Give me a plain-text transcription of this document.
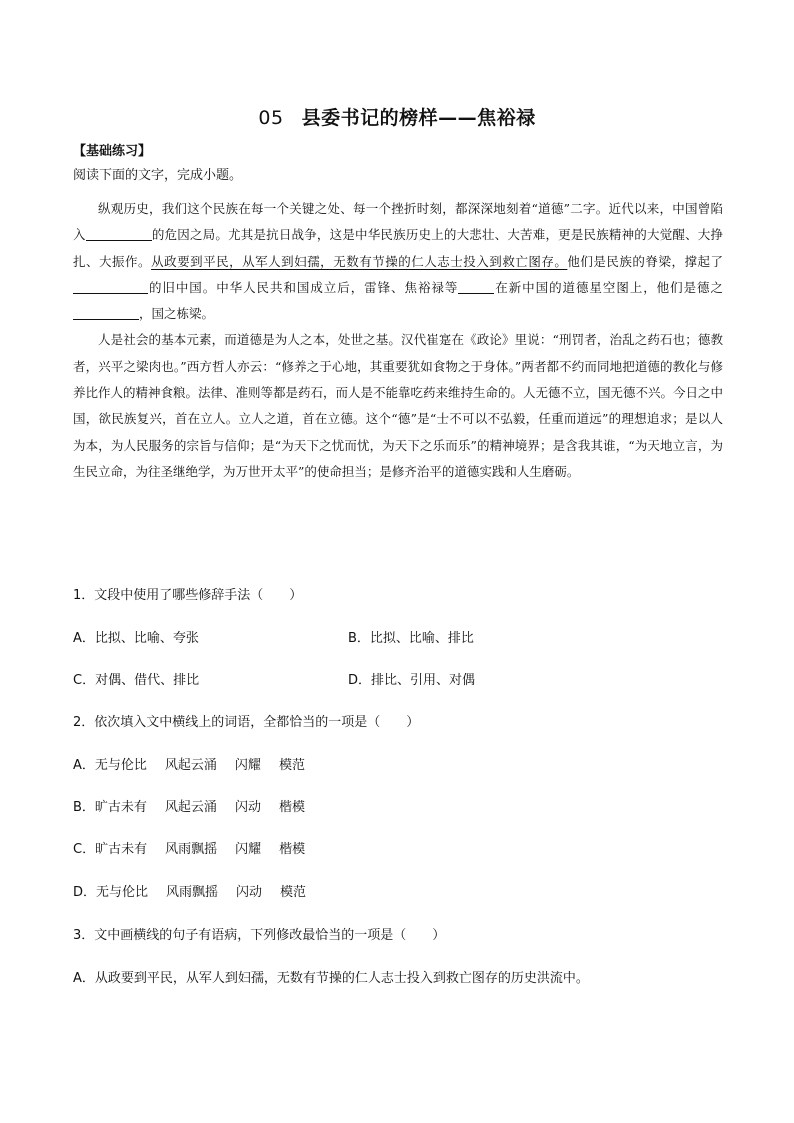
05 县委书记的榜样——焦裕禄
【基础练习】
阅读下面的文字，完成小题。

纵观历史，我们这个民族在每一个关键之处、每一个挫折时刻，都深深地刻着“道德”二字。近代以来，中国曾陷入	的危因之局。尤其是抗日战争，这是中华民族历史上的大悲壮、大苦难，更是民族精神的大觉醒、大挣扎、大振作。从政要到平民，从军人到妇孺，无数有节操的仁人志士投入到救亡图存。他们是民族的脊梁，撑起了的旧中国。中华人民共和国成立后，雷锋、焦裕禄等	在新中国的道德星空图上，他们是德之，国之栋梁。

人是社会的基本元素，而道德是为人之本，处世之基。汉代崔寔在《政论》里说：“刑罚者，治乱之药石也；德教者，兴平之梁肉也。”西方哲人亦云：“修养之于心地，其重要犹如食物之于身体。”两者都不约而同地把道德的教化与修养比作人的精神食粮。法律、准则等都是药石，而人是不能靠吃药来维持生命的。人无德不立，国无德不兴。今日之中国，欲民族复兴，首在立人。立人之道，首在立德。这个“德”是“士不可以不弘毅，任重而道远”的理想追求；是以人为本，为人民服务的宗旨与信仰；是“为天下之忧而忧，为天下之乐而乐”的精神境界；是含我其谁，“为天地立言，为生民立命，为往圣继绝学，为万世开太平”的使命担当；是修齐治平的道德实践和人生磨砺。

1．文段中使用了哪些修辞手法（　　）
A．比拟、比喻、夸张	B．比拟、比喻、排比
C．对偶、借代、排比	D．排比、引用、对偶
2．依次填入文中横线上的词语，全都恰当的一项是（　　）
A．无与伦比 风起云涌 闪耀 模范
B．旷古未有 风起云涌 闪动 楷模
C．旷古未有 风雨飘摇 闪耀 楷模
D．无与伦比 风雨飘摇 闪动 模范
3．文中画横线的句子有语病，下列修改最恰当的一项是（　　）
A．从政要到平民，从军人到妇孺，无数有节操的仁人志士投入到救亡图存的历史洪流中。
